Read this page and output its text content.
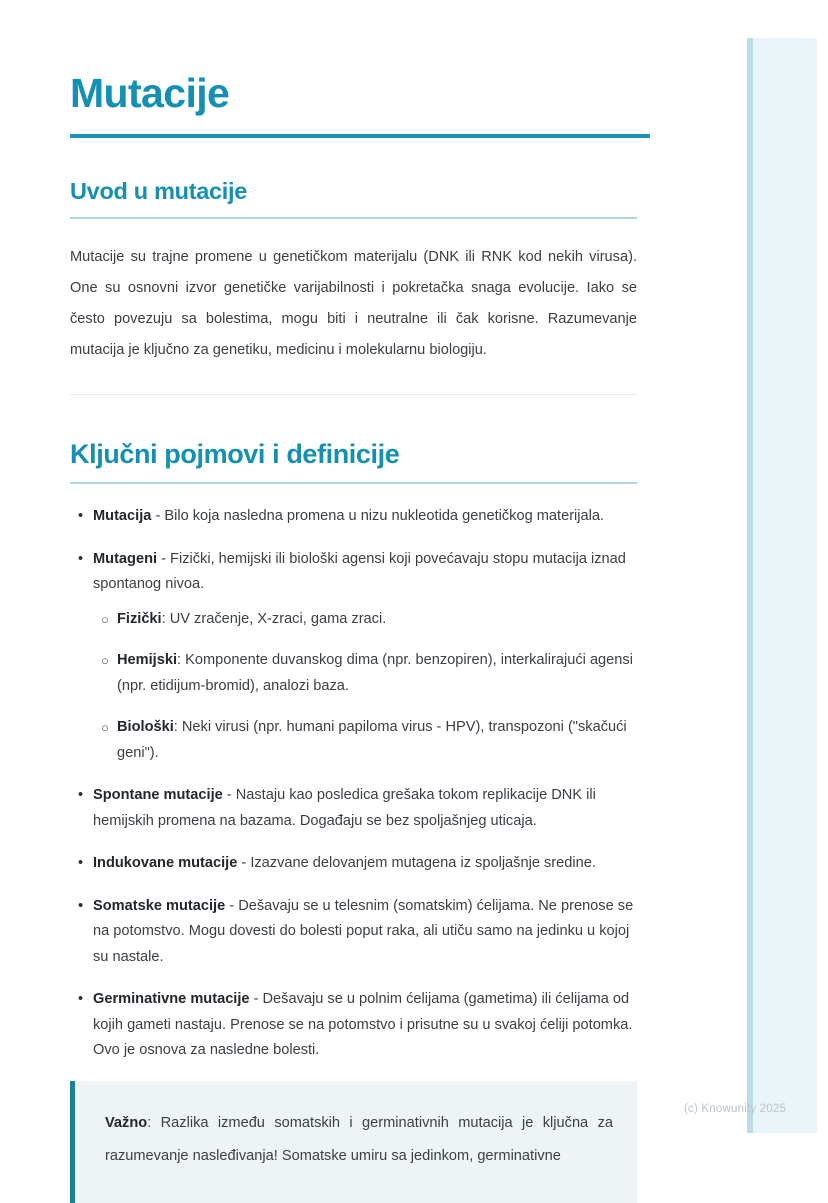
(c) Knowunity 2025
Mutacije
Uvod u mutacije

Mutacije su trajne promene u genetičkom materijalu (DNK ili RNK kod nekih virusa). One su osnovni izvor genetičke varijabilnosti i pokretačka snaga evolucije. Iako se često povezuju sa bolestima, mogu biti i neutralne ili čak korisne. Razumevanje mutacija je ključno za genetiku, medicinu i molekularnu biologiju.

Ključni pojmovi i definicije
• Mutacija - Bilo koja nasledna promena u nizu nukleotida genetičkog materijala.
• Mutageni - Fizički, hemijski ili biološki agensi koji povećavaju stopu mutacija iznad spontanog nivoa.
○ Fizički: UV zračenje, X-zraci, gama zraci.
○ Hemijski: Komponente duvanskog dima (npr. benzopiren), interkalirajući agensi (npr. etidijum-bromid), analozi baza.
○ Biološki: Neki virusi (npr. humani papiloma virus - HPV), transpozoni ("skačući geni").
• Spontane mutacije - Nastaju kao posledica grešaka tokom replikacije DNK ili hemijskih promena na bazama. Događaju se bez spoljašnjeg uticaja.
• Indukovane mutacije - Izazvane delovanjem mutagena iz spoljašnje sredine.
• Somatske mutacije - Dešavaju se u telesnim (somatskim) ćelijama. Ne prenose se na potomstvo. Mogu dovesti do bolesti poput raka, ali utiču samo na jedinku u kojoj su nastale.
• Germinativne mutacije - Dešavaju se u polnim ćelijama (gametima) ili ćelijama od kojih gameti nastaju. Prenose se na potomstvo i prisutne su u svakoj ćeliji potomka. Ovo je osnova za nasledne bolesti.
Važno: Razlika između somatskih i germinativnih mutacija je ključna za razumevanje nasleđivanja! Somatske umiru sa jedinkom, germinativne
